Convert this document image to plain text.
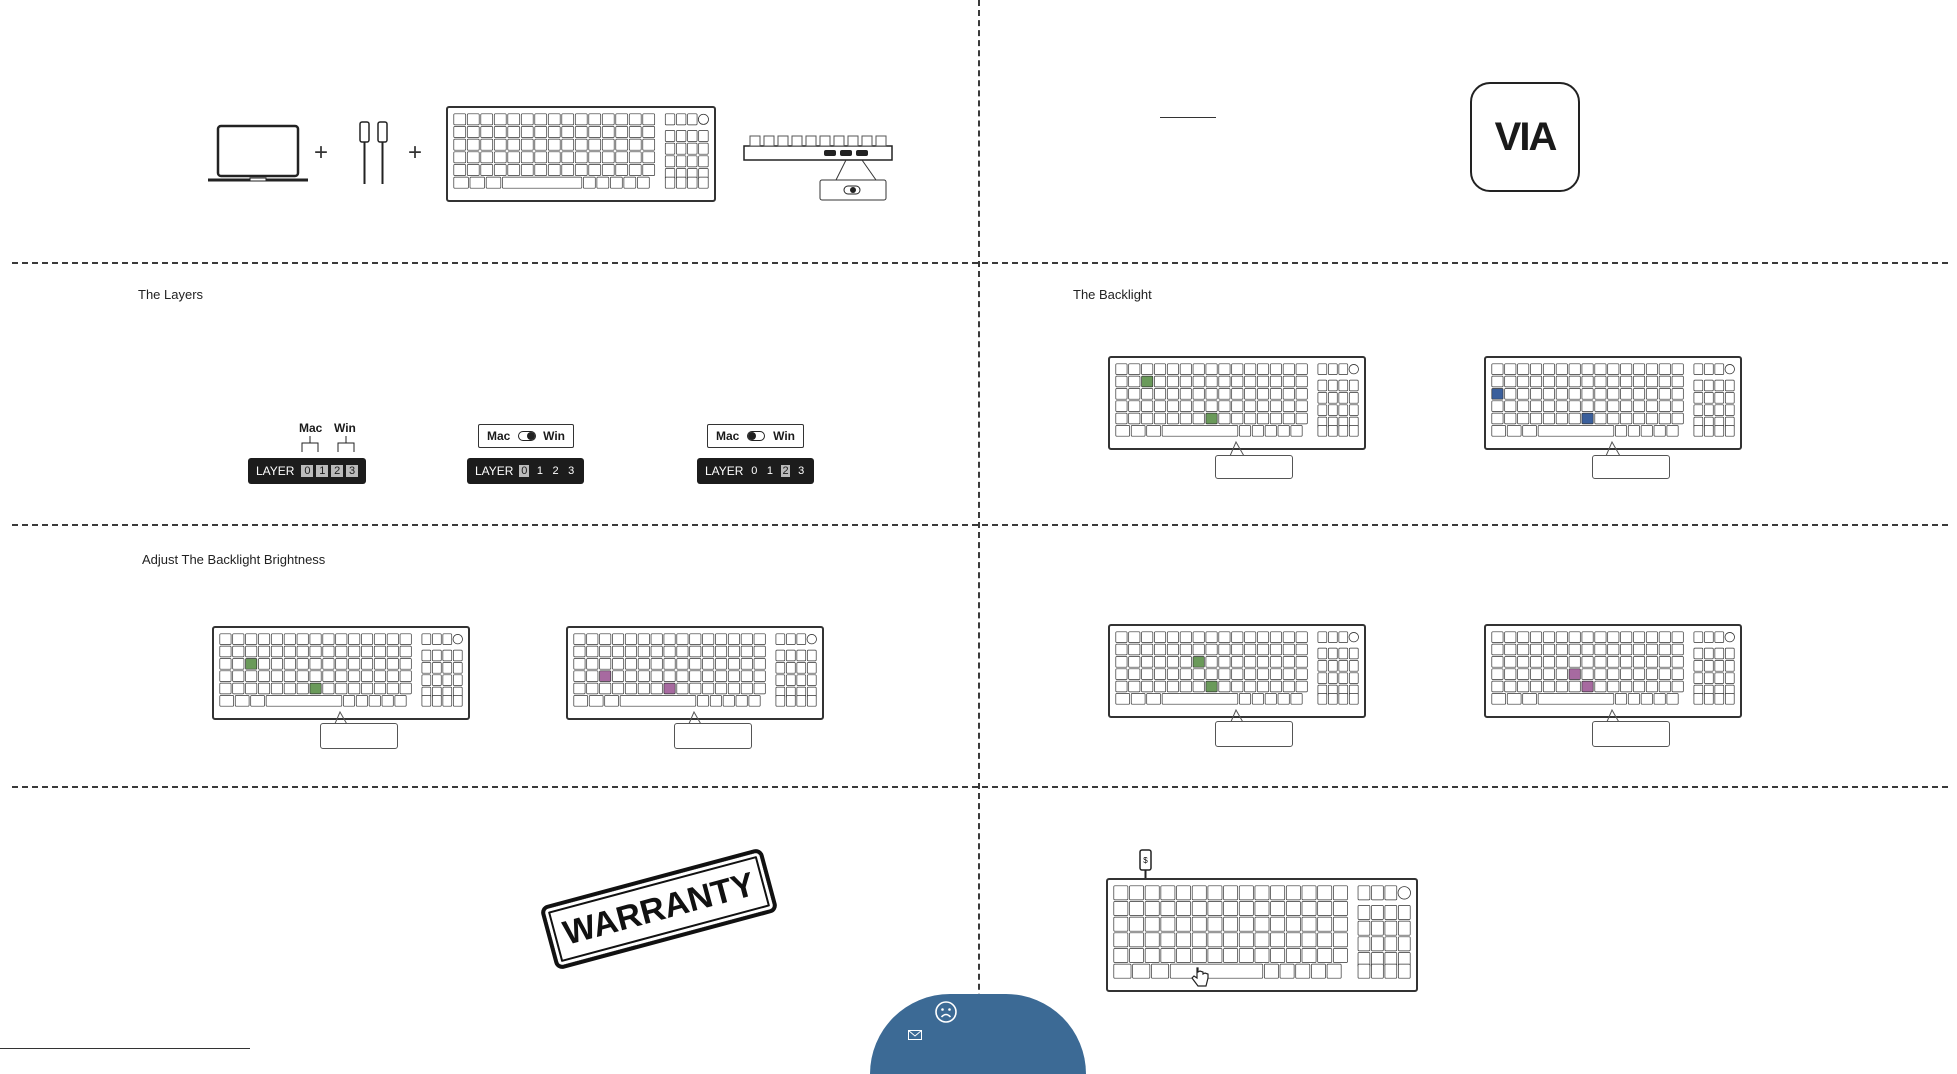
+	+	VIA
The Layers
Mac Win
LAYER 0 1 2 3
Mac	Win
LAYER 0 1 2 3
Mac	Win
LAYER 0 1 2 3
The Backlight
Adjust The Backlight Brightness
WARRANTY
$
